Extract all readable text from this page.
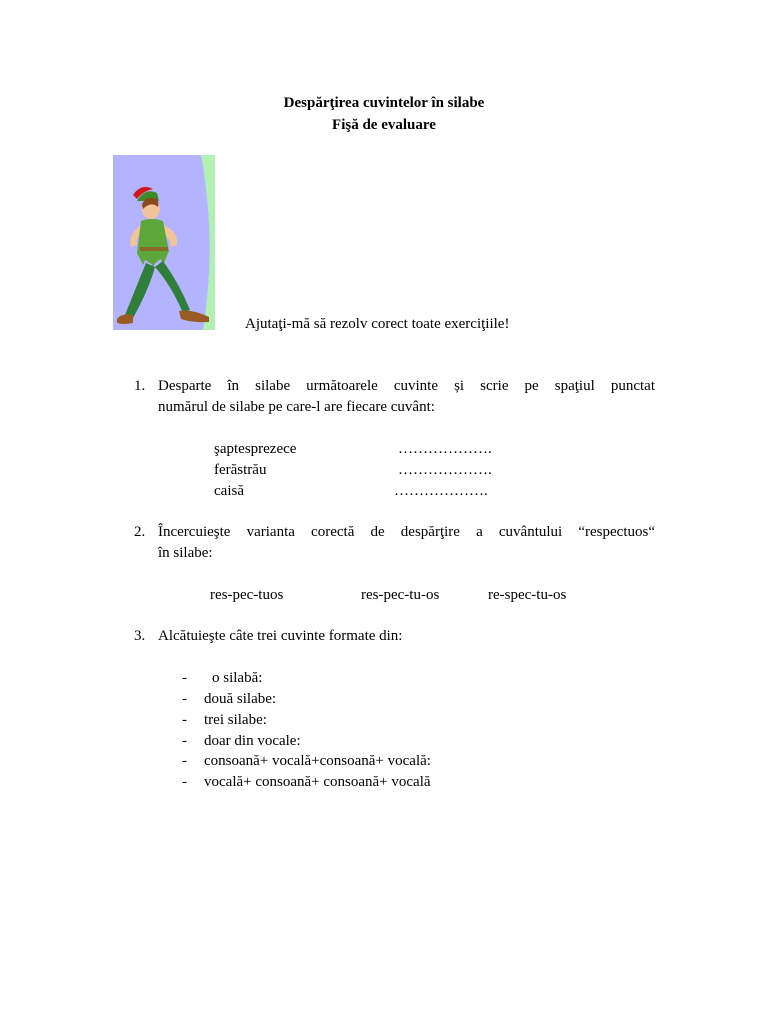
Despărţirea cuvintelor în silabe
Fişă de evaluare
Ajutaţi-mă să rezolv corect toate exerciţiile!
1. Desparte în silabe următoarele cuvinte și scrie pe spaţiul punctat
numărul de silabe pe care-l are fiecare cuvânt:
şaptesprezece	……………….
ferăstrău	……………….
caisă	……………….
2. Încercuieşte varianta corectă de despărţire a cuvântului “respectuos“
în silabe:
res-pec-tuos	res-pec-tu-os	re-spec-tu-os
3. Alcătuieşte câte trei cuvinte formate din:
- o silabă:
- două silabe:
- trei silabe:
- doar din vocale:
- consoană+ vocală+consoană+ vocală:
- vocală+ consoană+ consoană+ vocală
